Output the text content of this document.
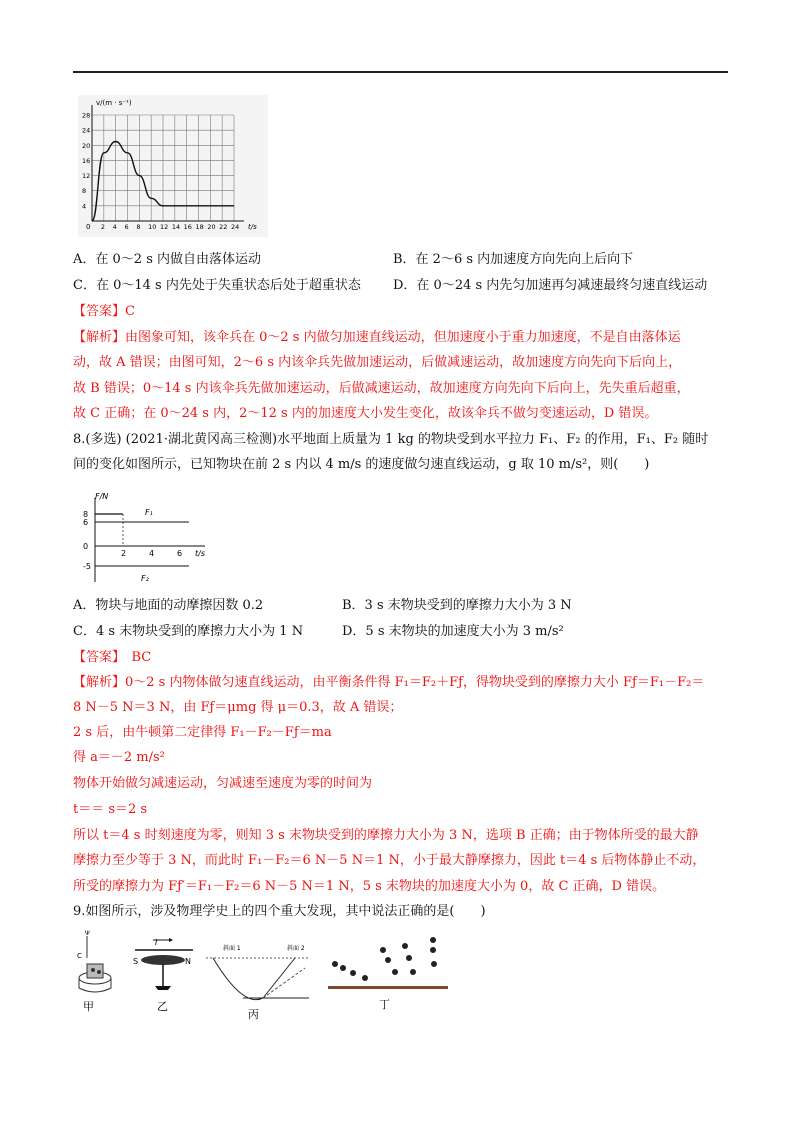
2 4 6 8 10 12 14 16 18 20 22 24
4
8
12
16
20
24
28
v/(m · s⁻¹)
t/s
0
A．在 0～2 s 内做自由落体运动	B．在 2～6 s 内加速度方向先向上后向下
C．在 0～14 s 内先处于失重状态后处于超重状态 D．在 0～24 s 内先匀加速再匀减速最终匀速直线运动
【答案】C
【解析】由图象可知，该伞兵在 0～2 s 内做匀加速直线运动，但加速度小于重力加速度，不是自由落体运
动，故 A 错误；由图可知，2～6 s 内该伞兵先做加速运动，后做减速运动，故加速度方向先向下后向上，
故 B 错误；0～14 s 内该伞兵先做加速运动，后做减速运动，故加速度方向先向下后向上，先失重后超重，
故 C 正确；在 0～24 s 内，2～12 s 内的加速度大小发生变化，故该伞兵不做匀变速运动，D 错误。
8.(多选) (2021·湖北黄冈高三检测)水平地面上质量为 1 kg 的物块受到水平拉力 F₁、F₂ 的作用，F₁、F₂ 随时
间的变化如图所示，已知物块在前 2 s 内以 4 m/s 的速度做匀速直线运动，g 取 10 m/s²，则(　　)
2	4	6
8
6
0
-5
F/N
t/s
F₁
F₂
A．物块与地面的动摩擦因数 0.2	B．3 s 末物块受到的摩擦力大小为 3 N
C．4 s 末物块受到的摩擦力大小为 1 N	D．5 s 末物块的加速度大小为 3 m/s²
【答案】　BC
【解析】0～2 s 内物体做匀速直线运动，由平衡条件得 F₁＝F₂＋Fƒ，得物块受到的摩擦力大小 Fƒ＝F₁－F₂＝
8 N－5 N＝3 N，由 Fƒ＝μmg 得 μ＝0.3，故 A 错误；
2 s 后，由牛顿第二定律得 F₁－F₂－Fƒ＝ma
得 a＝－2 m/s²
物体开始做匀减速运动，匀减速至速度为零的时间为
t＝＝ s＝2 s
所以 t＝4 s 时刻速度为零，则知 3 s 末物块受到的摩擦力大小为 3 N，选项 B 正确；由于物体所受的最大静
摩擦力至少等于 3 N，而此时 F₁－F₂＝6 N－5 N＝1 N，小于最大静摩擦力，因此 t＝4 s 后物体静止不动，
所受的摩擦力为 Fƒ′＝F₁－F₂＝6 N－5 N＝1 N，5 s 末物块的加速度大小为 0，故 C 正确，D 错误。
9.如图所示，涉及物理学史上的四个重大发现，其中说法正确的是(　　)
Ψ
C
甲
I
S	N
乙
斜面 1	斜面 2
丙
丁
